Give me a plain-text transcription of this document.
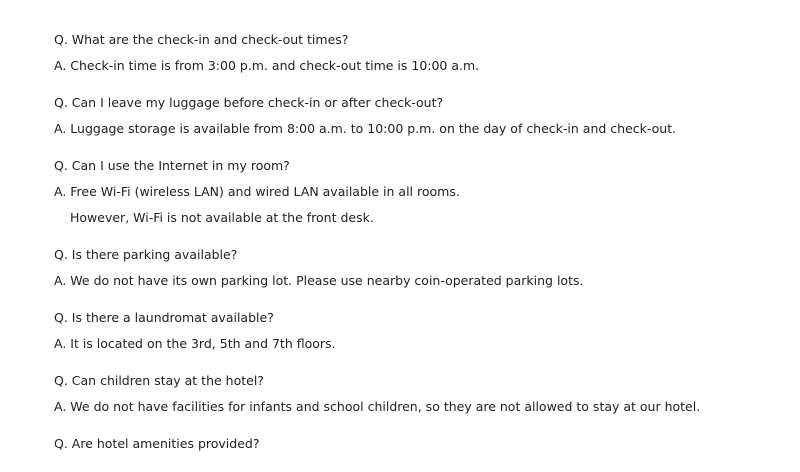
Q. What are the check-in and check-out times?
A. Check-in time is from 3:00 p.m. and check-out time is 10:00 a.m.
Q. Can I leave my luggage before check-in or after check-out?
A. Luggage storage is available from 8:00 a.m. to 10:00 p.m. on the day of check-in and check-out.
Q. Can I use the Internet in my room?
A. Free Wi-Fi (wireless LAN) and wired LAN available in all rooms.
However, Wi-Fi is not available at the front desk.
Q. Is there parking available?
A. We do not have its own parking lot. Please use nearby coin-operated parking lots.
Q. Is there a laundromat available?
A. It is located on the 3rd, 5th and 7th floors.
Q. Can children stay at the hotel?
A. We do not have facilities for infants and school children, so they are not allowed to stay at our hotel.
Q. Are hotel amenities provided?
